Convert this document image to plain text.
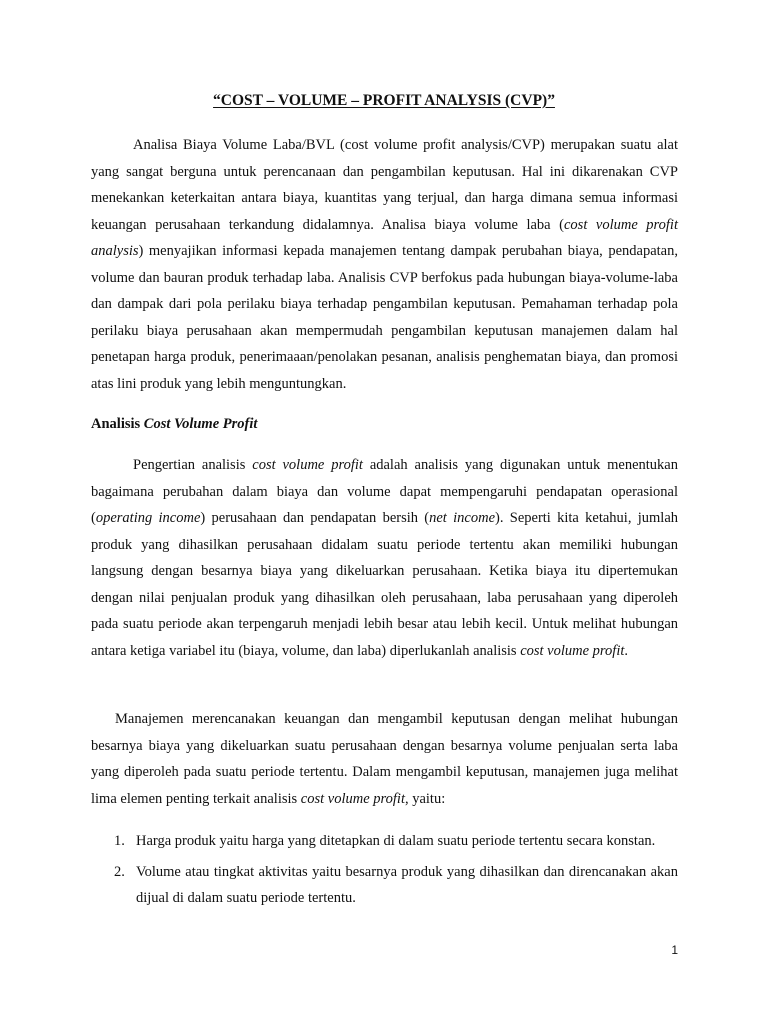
“COST – VOLUME – PROFIT ANALYSIS (CVP)”

Analisa Biaya Volume Laba/BVL (cost volume profit analysis/CVP) merupakan suatu alat yang sangat berguna untuk perencanaan dan pengambilan keputusan. Hal ini dikarenakan CVP menekankan keterkaitan antara biaya, kuantitas yang terjual, dan harga dimana semua informasi keuangan perusahaan terkandung didalamnya. Analisa biaya volume laba (cost volume profit analysis) menyajikan informasi kepada manajemen tentang dampak perubahan biaya, pendapatan, volume dan bauran produk terhadap laba. Analisis CVP berfokus pada hubungan biaya-volume-laba dan dampak dari pola perilaku biaya terhadap pengambilan keputusan. Pemahaman terhadap pola perilaku biaya perusahaan akan mempermudah pengambilan keputusan manajemen dalam hal penetapan harga produk, penerimaaan/penolakan pesanan, analisis penghematan biaya, dan promosi atas lini produk yang lebih menguntungkan.

Analisis Cost Volume Profit

Pengertian analisis cost volume profit adalah analisis yang digunakan untuk menentukan bagaimana perubahan dalam biaya dan volume dapat mempengaruhi pendapatan operasional (operating income) perusahaan dan pendapatan bersih (net income). Seperti kita ketahui, jumlah produk yang dihasilkan perusahaan didalam suatu periode tertentu akan memiliki hubungan langsung dengan besarnya biaya yang dikeluarkan perusahaan. Ketika biaya itu dipertemukan dengan nilai penjualan produk yang dihasilkan oleh perusahaan, laba perusahaan yang diperoleh pada suatu periode akan terpengaruh menjadi lebih besar atau lebih kecil. Untuk melihat hubungan antara ketiga variabel itu (biaya, volume, dan laba) diperlukanlah analisis cost volume profit.

Manajemen merencanakan keuangan dan mengambil keputusan dengan melihat hubungan besarnya biaya yang dikeluarkan suatu perusahaan dengan besarnya volume penjualan serta laba yang diperoleh pada suatu periode tertentu. Dalam mengambil keputusan, manajemen juga melihat lima elemen penting terkait analisis cost volume profit, yaitu:

1. Harga produk yaitu harga yang ditetapkan di dalam suatu periode tertentu secara konstan.
2. Volume atau tingkat aktivitas yaitu besarnya produk yang dihasilkan dan direncanakan akan dijual di dalam suatu periode tertentu.
1
